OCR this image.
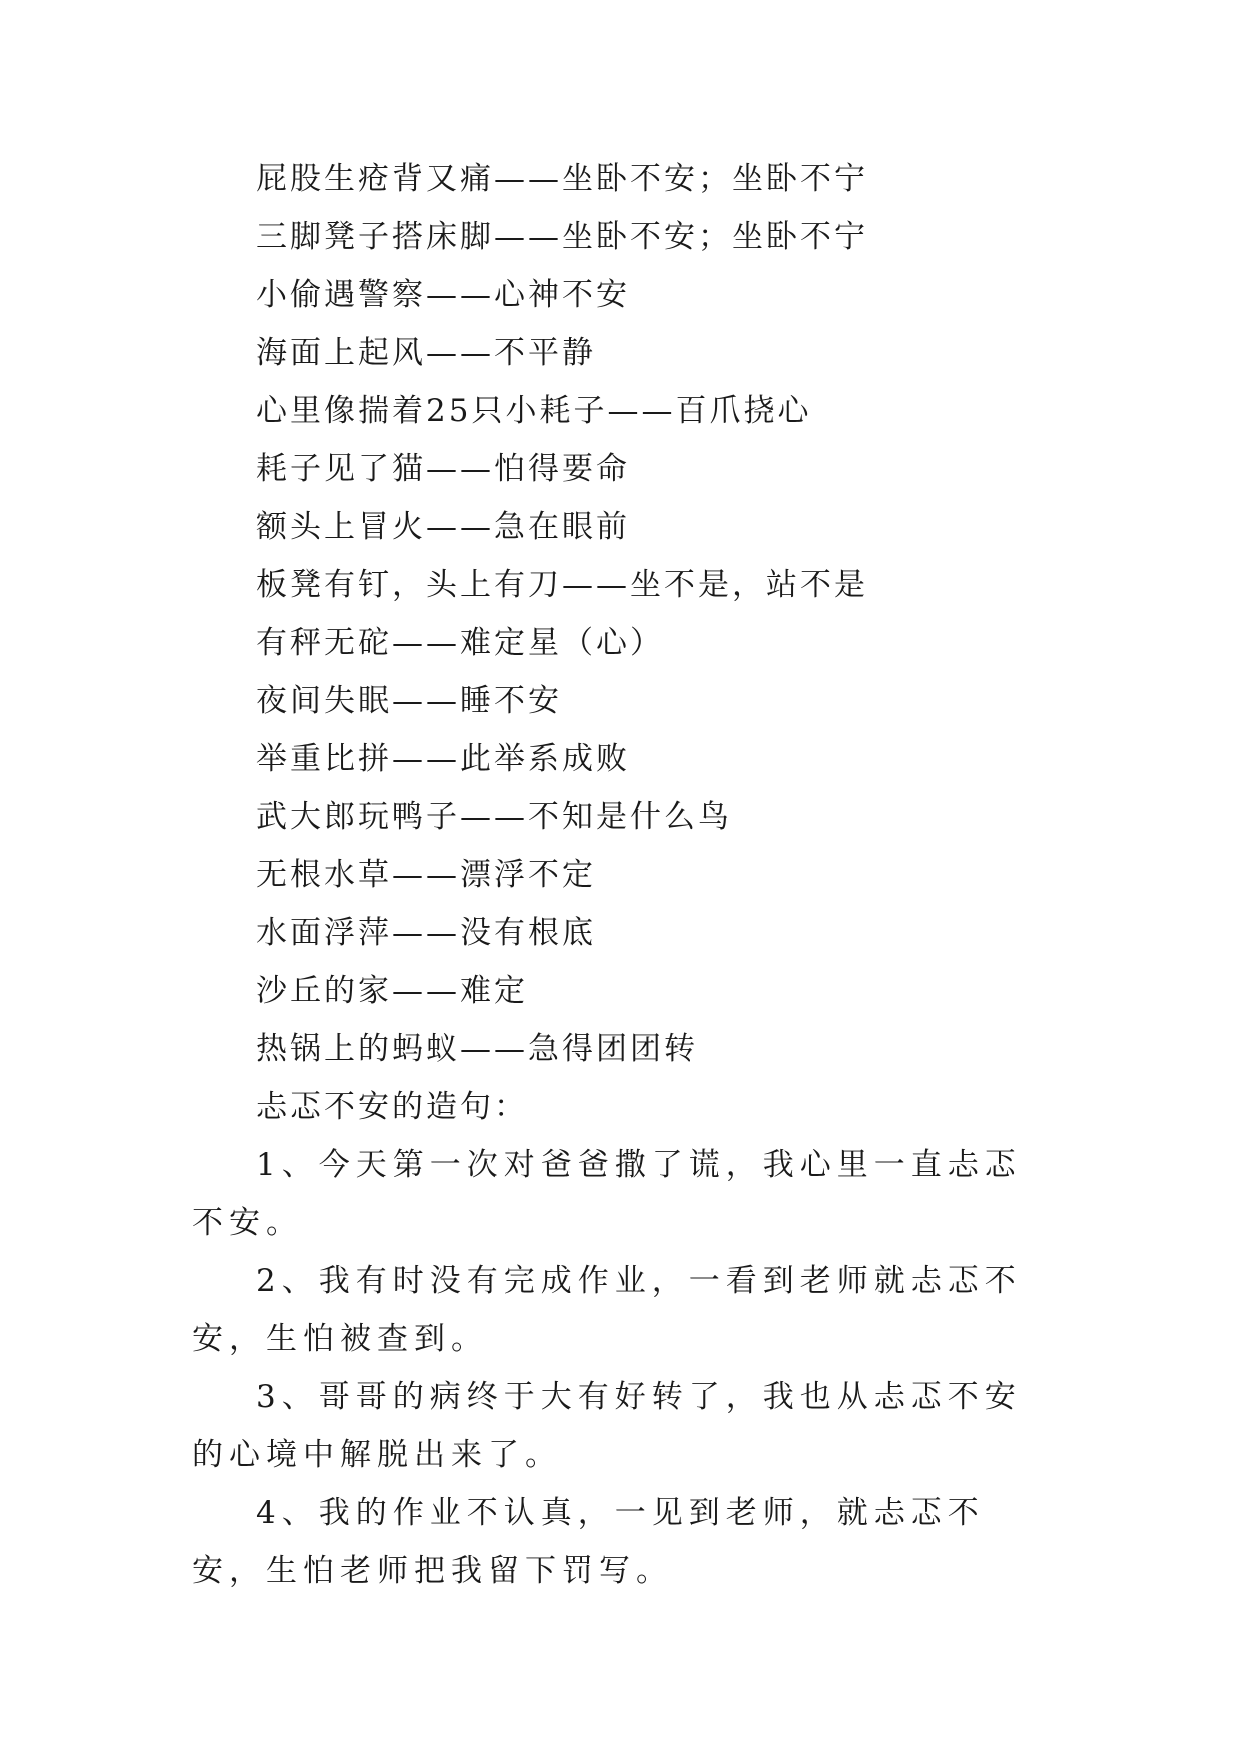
屁股生疮背又痛——坐卧不安；坐卧不宁

三脚凳子搭床脚——坐卧不安；坐卧不宁

小偷遇警察——心神不安

海面上起风——不平静

心里像揣着25只小耗子——百爪挠心

耗子见了猫——怕得要命

额头上冒火——急在眼前

板凳有钉，头上有刀——坐不是，站不是

有秤无砣——难定星（心）

夜间失眠——睡不安

举重比拼——此举系成败

武大郎玩鸭子——不知是什么鸟

无根水草——漂浮不定

水面浮萍——没有根底

沙丘的家——难定

热锅上的蚂蚁——急得团团转

忐忑不安的造句：

1、今天第一次对爸爸撒了谎，我心里一直忐忑不安。

2、我有时没有完成作业，一看到老师就忐忑不安，生怕被查到。

3、哥哥的病终于大有好转了，我也从忐忑不安的心境中解脱出来了。

4、我的作业不认真，一见到老师，就忐忑不安，生怕老师把我留下罚写。
